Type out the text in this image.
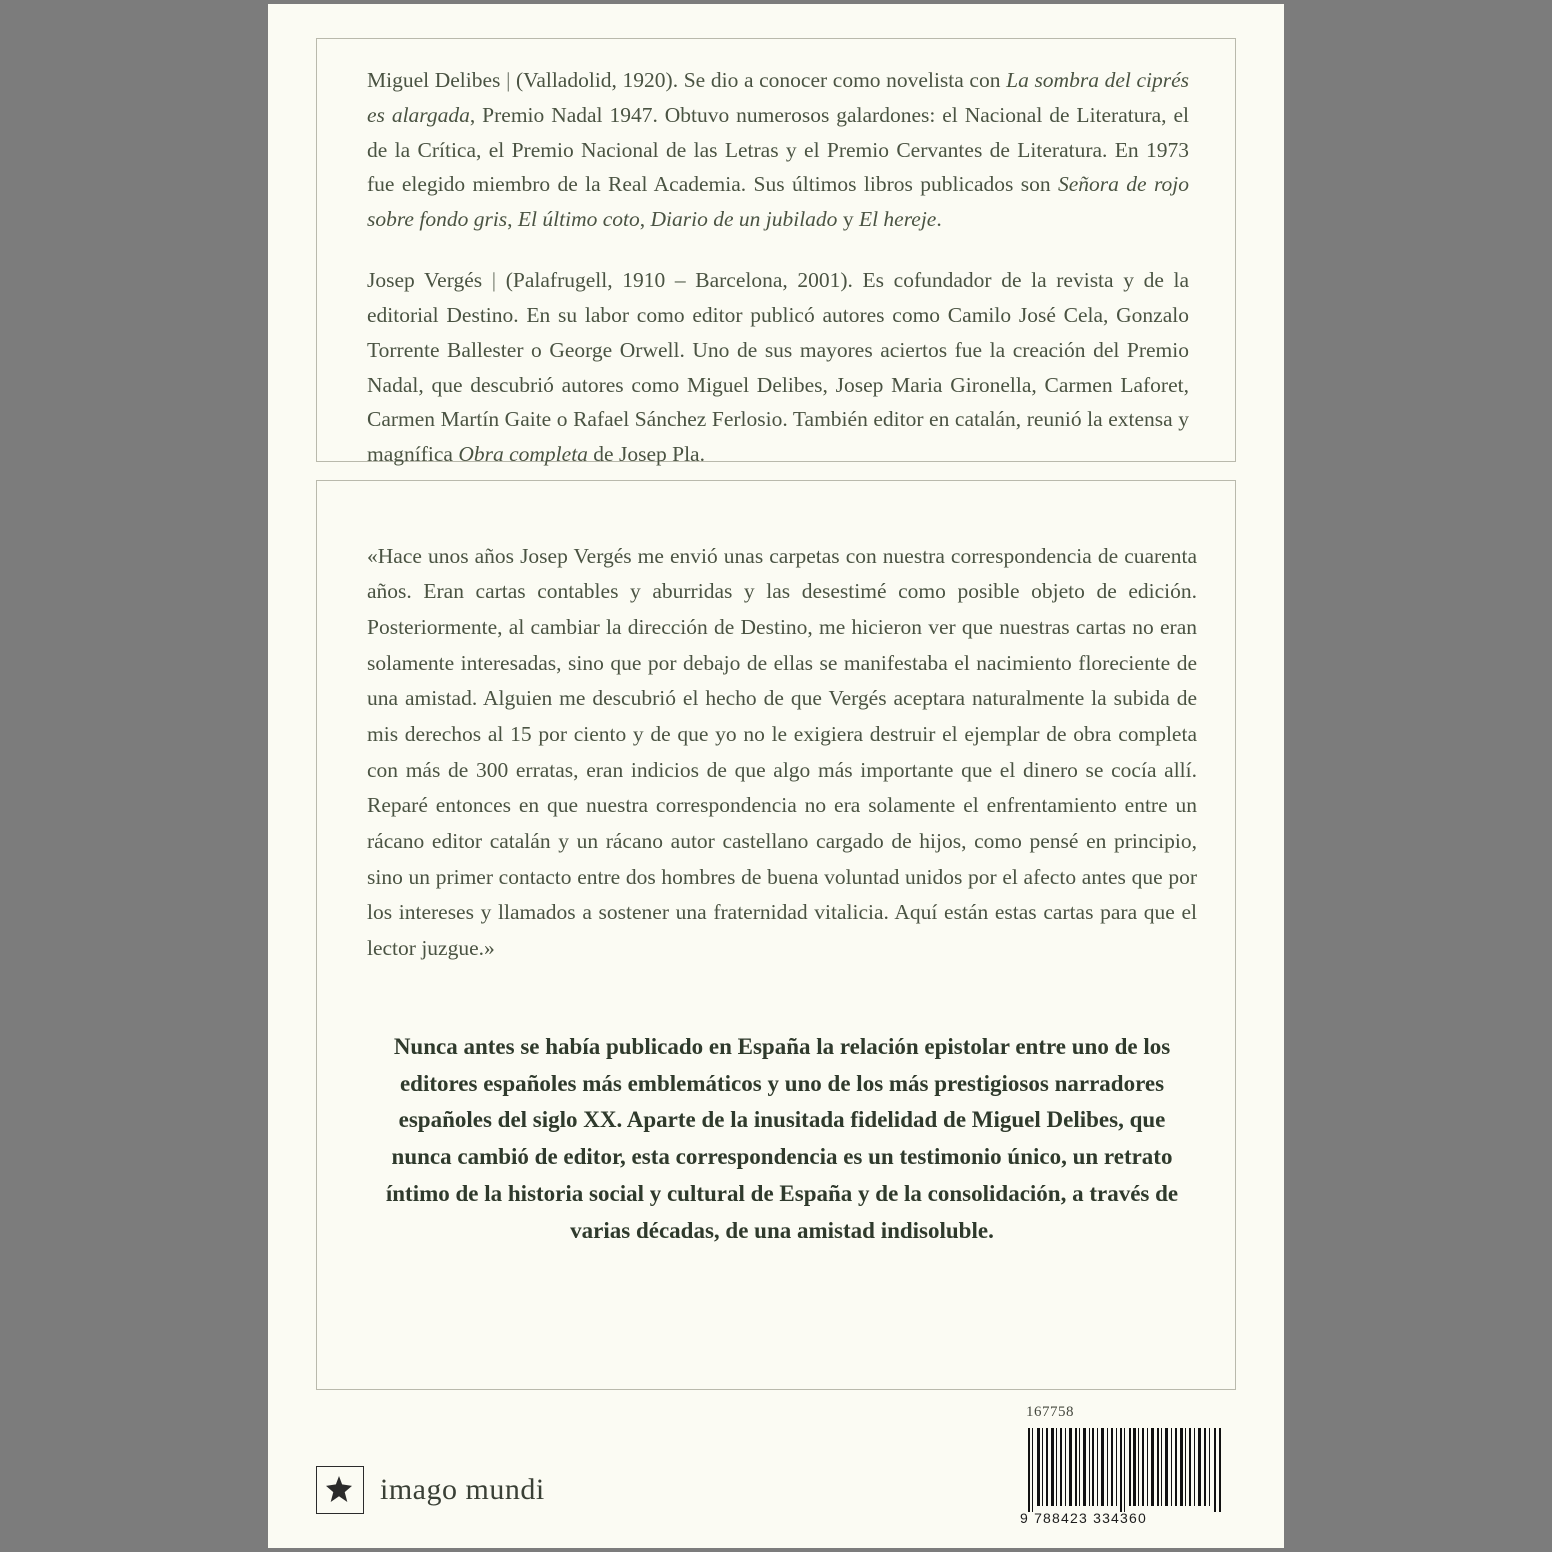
Miguel Delibes | (Valladolid, 1920). Se dio a conocer como novelista con La sombra del ciprés es alargada, Premio Nadal 1947. Obtuvo numerosos galardones: el Nacional de Literatura, el de la Crítica, el Premio Nacional de las Letras y el Premio Cervantes de Literatura. En 1973 fue elegido miembro de la Real Academia. Sus últimos libros publicados son Señora de rojo sobre fondo gris, El último coto, Diario de un jubilado y El hereje.

Josep Vergés | (Palafrugell, 1910 – Barcelona, 2001). Es cofundador de la revista y de la editorial Destino. En su labor como editor publicó autores como Camilo José Cela, Gonzalo Torrente Ballester o George Orwell. Uno de sus mayores aciertos fue la creación del Premio Nadal, que descubrió autores como Miguel Delibes, Josep Maria Gironella, Carmen Laforet, Carmen Martín Gaite o Rafael Sánchez Ferlosio. También editor en catalán, reunió la extensa y magnífica Obra completa de Josep Pla.

«Hace unos años Josep Vergés me envió unas carpetas con nuestra correspondencia de cuarenta años. Eran cartas contables y aburridas y las desestimé como posible objeto de edición. Posteriormente, al cambiar la dirección de Destino, me hicieron ver que nuestras cartas no eran solamente interesadas, sino que por debajo de ellas se manifestaba el nacimiento floreciente de una amistad. Alguien me descubrió el hecho de que Vergés aceptara naturalmente la subida de mis derechos al 15 por ciento y de que yo no le exigiera destruir el ejemplar de obra completa con más de 300 erratas, eran indicios de que algo más importante que el dinero se cocía allí. Reparé entonces en que nuestra correspondencia no era solamente el enfrentamiento entre un rácano editor catalán y un rácano autor castellano cargado de hijos, como pensé en principio, sino un primer contacto entre dos hombres de buena voluntad unidos por el afecto antes que por los intereses y llamados a sostener una fraternidad vitalicia. Aquí están estas cartas para que el lector juzgue.»

Nunca antes se había publicado en España la relación epistolar entre uno de los editores españoles más emblemáticos y uno de los más prestigiosos narradores españoles del siglo XX. Aparte de la inusitada fidelidad de Miguel Delibes, que nunca cambió de editor, esta correspondencia es un testimonio único, un retrato íntimo de la historia social y cultural de España y de la consolidación, a través de varias décadas, de una amistad indisoluble.

167758
9 788423 334360
imago mundi
